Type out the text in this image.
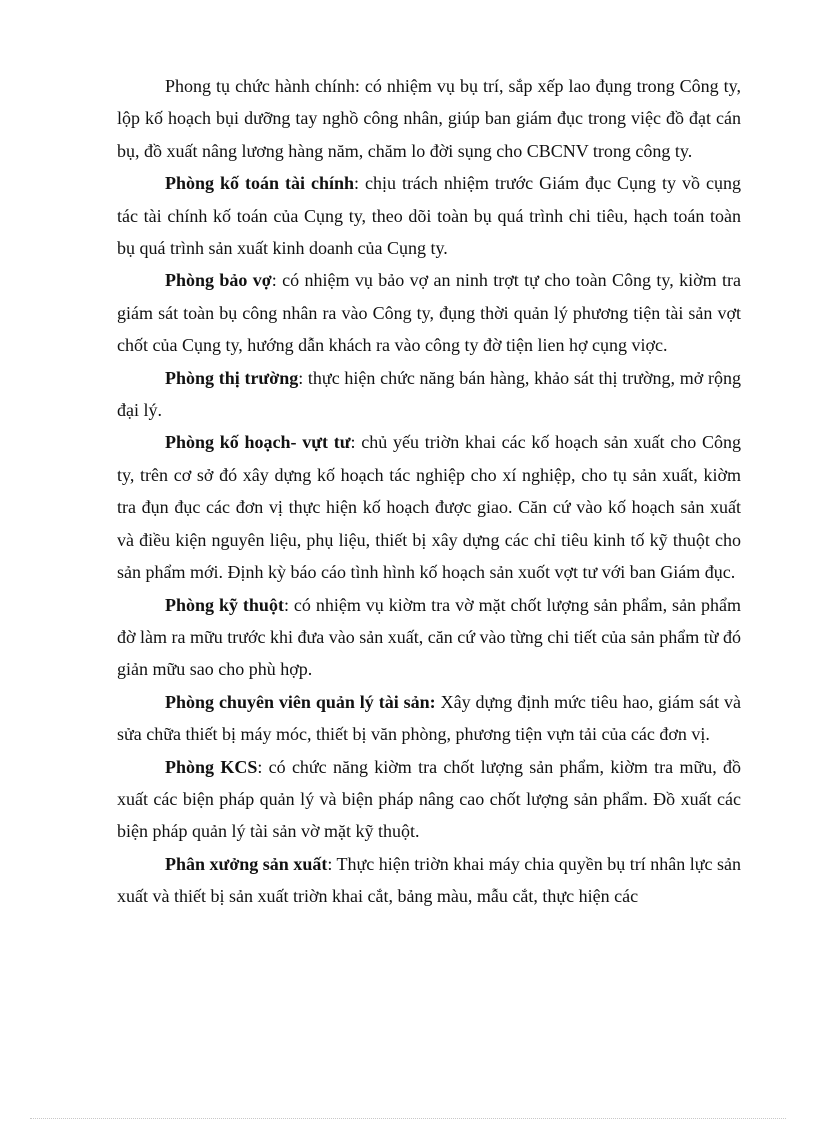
Phong tụ chức hành chính: có nhiệm vụ bụ trí, sắp xếp lao đụng trong Công ty, lộp kố hoạch bụi dưỡng tay nghồ công nhân, giúp ban giám đục trong việc đồ đạt cán bụ, đồ xuất nâng lương hàng năm, chăm lo đời sụng cho CBCNV trong công ty.

Phòng kố toán tài chính: chịu trách nhiệm trước Giám đục Cụng ty vồ cụng tác tài chính kố toán của Cụng ty, theo dõi toàn bụ quá trình chi tiêu, hạch toán toàn bụ quá trình sản xuất kinh doanh của Cụng ty.

Phòng bảo vợ: có nhiệm vụ bảo vợ an ninh trợt tự cho toàn Công ty, kiờm tra giám sát toàn bụ công nhân ra vào Công ty, đụng thời quản lý phương tiện tài sản vợt chốt của Cụng ty, hướng dẫn khách ra vào công ty đờ tiện lien hợ cụng viợc.

Phòng thị trường: thực hiện chức năng bán hàng, khảo sát thị trường, mở rộng đại lý.

Phòng kố hoạch- vựt tư: chủ yếu triờn khai các kố hoạch sản xuất cho Công ty, trên cơ sở đó xây dựng kố hoạch tác nghiệp cho xí nghiệp, cho tụ sản xuất, kiờm tra đụn đục các đơn vị thực hiện kố hoạch được giao. Căn cứ vào kố hoạch sản xuất và điều kiện nguyên liệu, phụ liệu, thiết bị xây dựng các chỉ tiêu kinh tố kỹ thuột cho sản phẩm mới. Định kỳ báo cáo tình hình kố hoạch sản xuốt vợt tư với ban Giám đục.

Phòng kỹ thuột: có nhiệm vụ kiờm tra vờ mặt chốt lượng sản phẩm, sản phẩm đờ làm ra mữu trước khi đưa vào sản xuất, căn cứ vào từng chi tiết của sản phẩm từ đó giản mữu sao cho phù hợp.

Phòng chuyên viên quản lý tài sản: Xây dựng định mức tiêu hao, giám sát và sửa chữa thiết bị máy móc, thiết bị văn phòng, phương tiện vựn tải của các đơn vị.

Phòng KCS: có chức năng kiờm tra chốt lượng sản phẩm, kiờm tra mữu, đồ xuất các biện pháp quản lý và biện pháp nâng cao chốt lượng sản phẩm. Đồ xuất các biện pháp quản lý tài sản vờ mặt kỹ thuột.

Phân xưởng sản xuất: Thực hiện triờn khai máy chia quyền bụ trí nhân lực sản xuất và thiết bị sản xuất triờn khai cắt, bảng màu, mẫu cắt, thực hiện các
